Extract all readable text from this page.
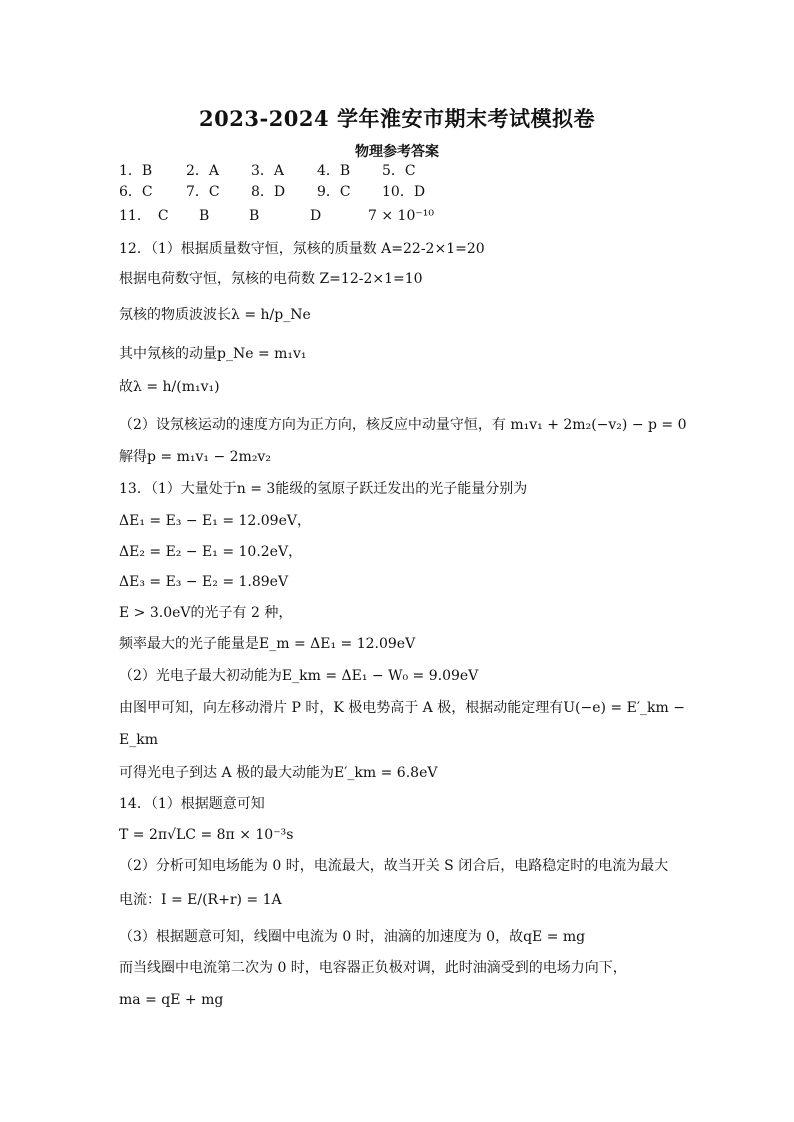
2023-2024 学年淮安市期末考试模拟卷
物理参考答案
1．B 2．A 3．A 4．B 5．C
6．C 7．C 8．D 9．C 10．D
11．　C B	B	D	7 × 10⁻¹⁰
12．（1）根据质量数守恒，氖核的质量数 A=22-2×1=20
根据电荷数守恒，氖核的电荷数 Z=12-2×1=10
氖核的物质波波长λ = h/p_Ne
其中氖核的动量p_Ne = m₁v₁
故λ = h/(m₁v₁)
（2）设氖核运动的速度方向为正方向，核反应中动量守恒，有 m₁v₁ + 2m₂(−v₂) − p = 0
解得p = m₁v₁ − 2m₂v₂
13．（1）大量处于n = 3能级的氢原子跃迁发出的光子能量分别为
ΔE₁ = E₃ − E₁ = 12.09eV，
ΔE₂ = E₂ − E₁ = 10.2eV，
ΔE₃ = E₃ − E₂ = 1.89eV
E > 3.0eV的光子有 2 种，
频率最大的光子能量是E_m = ΔE₁ = 12.09eV
（2）光电子最大初动能为E_km = ΔE₁ − W₀ = 9.09eV
由图甲可知，向左移动滑片 P 时，K 极电势高于 A 极，根据动能定理有U(−e) = E′_km −
E_km
可得光电子到达 A 极的最大动能为E′_km = 6.8eV
14．（1）根据题意可知
T = 2π√LC = 8π × 10⁻³s
（2）分析可知电场能为 0 时，电流最大，故当开关 S 闭合后，电路稳定时的电流为最大
电流：I = E/(R+r) = 1A
（3）根据题意可知，线圈中电流为 0 时，油滴的加速度为 0，故qE = mg
而当线圈中电流第二次为 0 时，电容器正负极对调，此时油滴受到的电场力向下，
ma = qE + mg
